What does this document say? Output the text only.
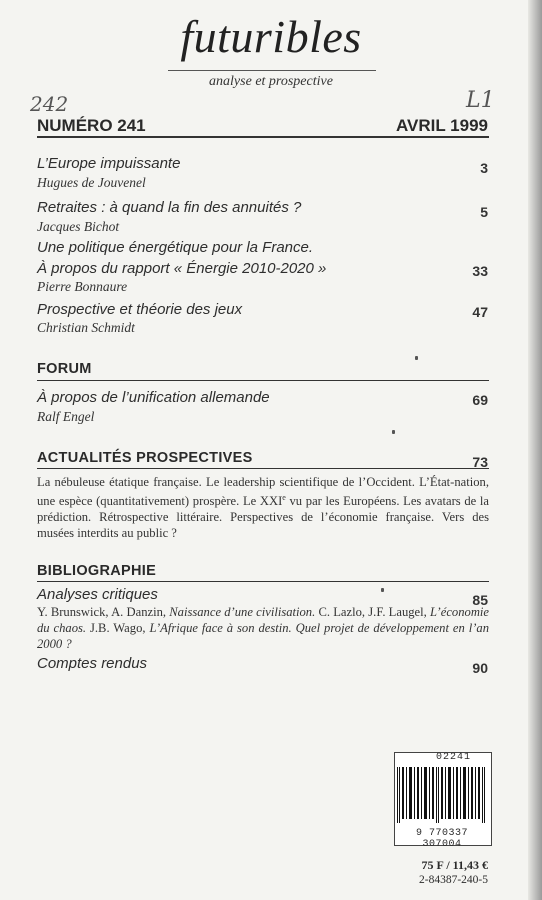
futuribles
analyse et prospective
242	L1
NUMÉRO 241	AVRIL 1999
L’Europe impuissante
Hugues de Jouvenel
3
Retraites : à quand la fin des annuités ?
Jacques Bichot
5
Une politique énergétique pour la France.
À propos du rapport « Énergie 2010-2020 »
Pierre Bonnaure
33
Prospective et théorie des jeux
Christian Schmidt
47
FORUM
À propos de l’unification allemande
Ralf Engel
69
ACTUALITÉS PROSPECTIVES	73
La nébuleuse étatique française. Le leadership scientifique de l’Occident. L’État-nation, une espèce (quantitativement) prospère. Le XXIe vu par les Européens. Les avatars de la prédiction. Rétrospective littéraire. Perspectives de l’économie française. Vers des musées interdits au public ?
BIBLIOGRAPHIE
Analyses critiques	85
Y. Brunswick, A. Danzin, Naissance d’une civilisation. C. Lazlo, J.F. Laugel, L’économie du chaos. J.B. Wago, L’Afrique face à son destin. Quel projet de développement en l’an 2000 ?
Comptes rendus	90
02241
9 770337 307004
75 F / 11,43 €
2-84387-240-5
